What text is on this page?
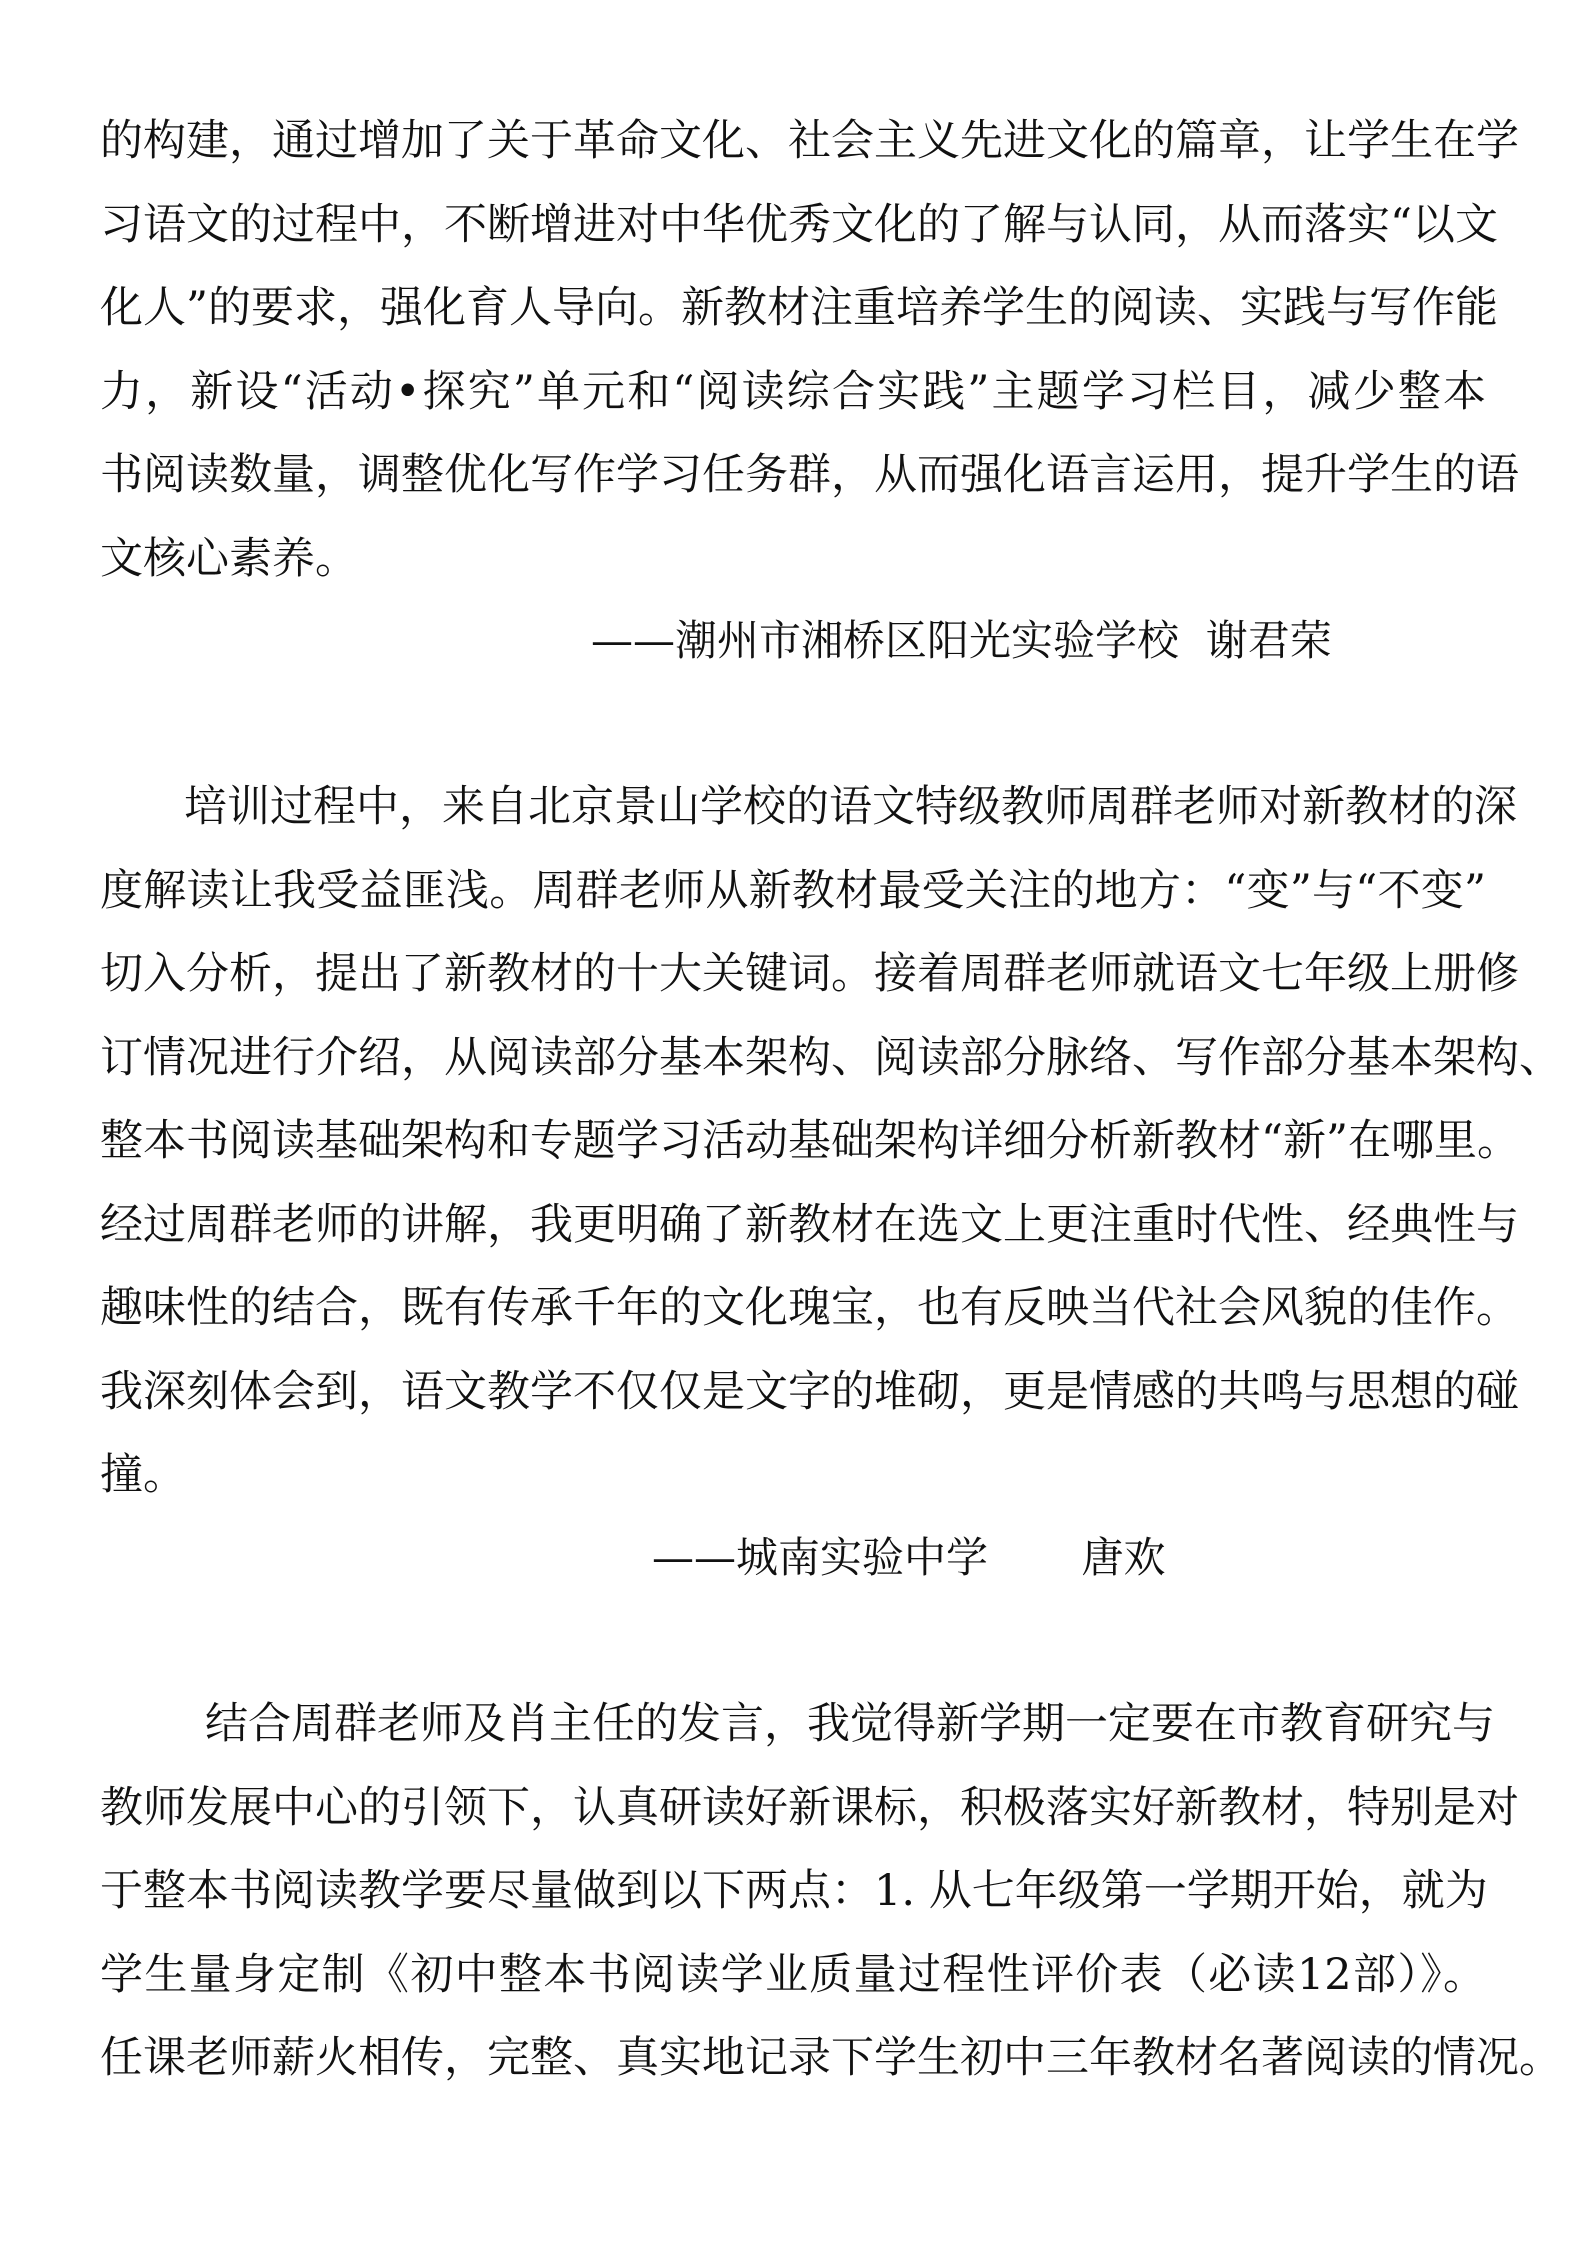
的构建，通过增加了关于革命文化、社会主义先进文化的篇章，让学生在学
习语文的过程中，不断增进对中华优秀文化的了解与认同，从而落实“以文
化人”的要求，强化育人导向。新教材注重培养学生的阅读、实践与写作能
力，新设“活动•探究”单元和“阅读综合实践”主题学习栏目，减少整本
书阅读数量，调整优化写作学习任务群，从而强化语言运用，提升学生的语
文核心素养。
——潮州市湘桥区阳光实验学校  谢君荣
培训过程中，来自北京景山学校的语文特级教师周群老师对新教材的深
度解读让我受益匪浅。周群老师从新教材最受关注的地方：“变”与“不变”
切入分析，提出了新教材的十大关键词。接着周群老师就语文七年级上册修
订情况进行介绍，从阅读部分基本架构、阅读部分脉络、写作部分基本架构、
整本书阅读基础架构和专题学习活动基础架构详细分析新教材“新”在哪里。
经过周群老师的讲解，我更明确了新教材在选文上更注重时代性、经典性与
趣味性的结合，既有传承千年的文化瑰宝，也有反映当代社会风貌的佳作。
我深刻体会到，语文教学不仅仅是文字的堆砌，更是情感的共鸣与思想的碰
撞。
——城南实验中学       唐欢
结合周群老师及肖主任的发言，我觉得新学期一定要在市教育研究与
教师发展中心的引领下，认真研读好新课标，积极落实好新教材，特别是对
于整本书阅读教学要尽量做到以下两点：1. 从七年级第一学期开始，就为
学生量身定制《初中整本书阅读学业质量过程性评价表（必读12部）》。
任课老师薪火相传，完整、真实地记录下学生初中三年教材名著阅读的情况。
